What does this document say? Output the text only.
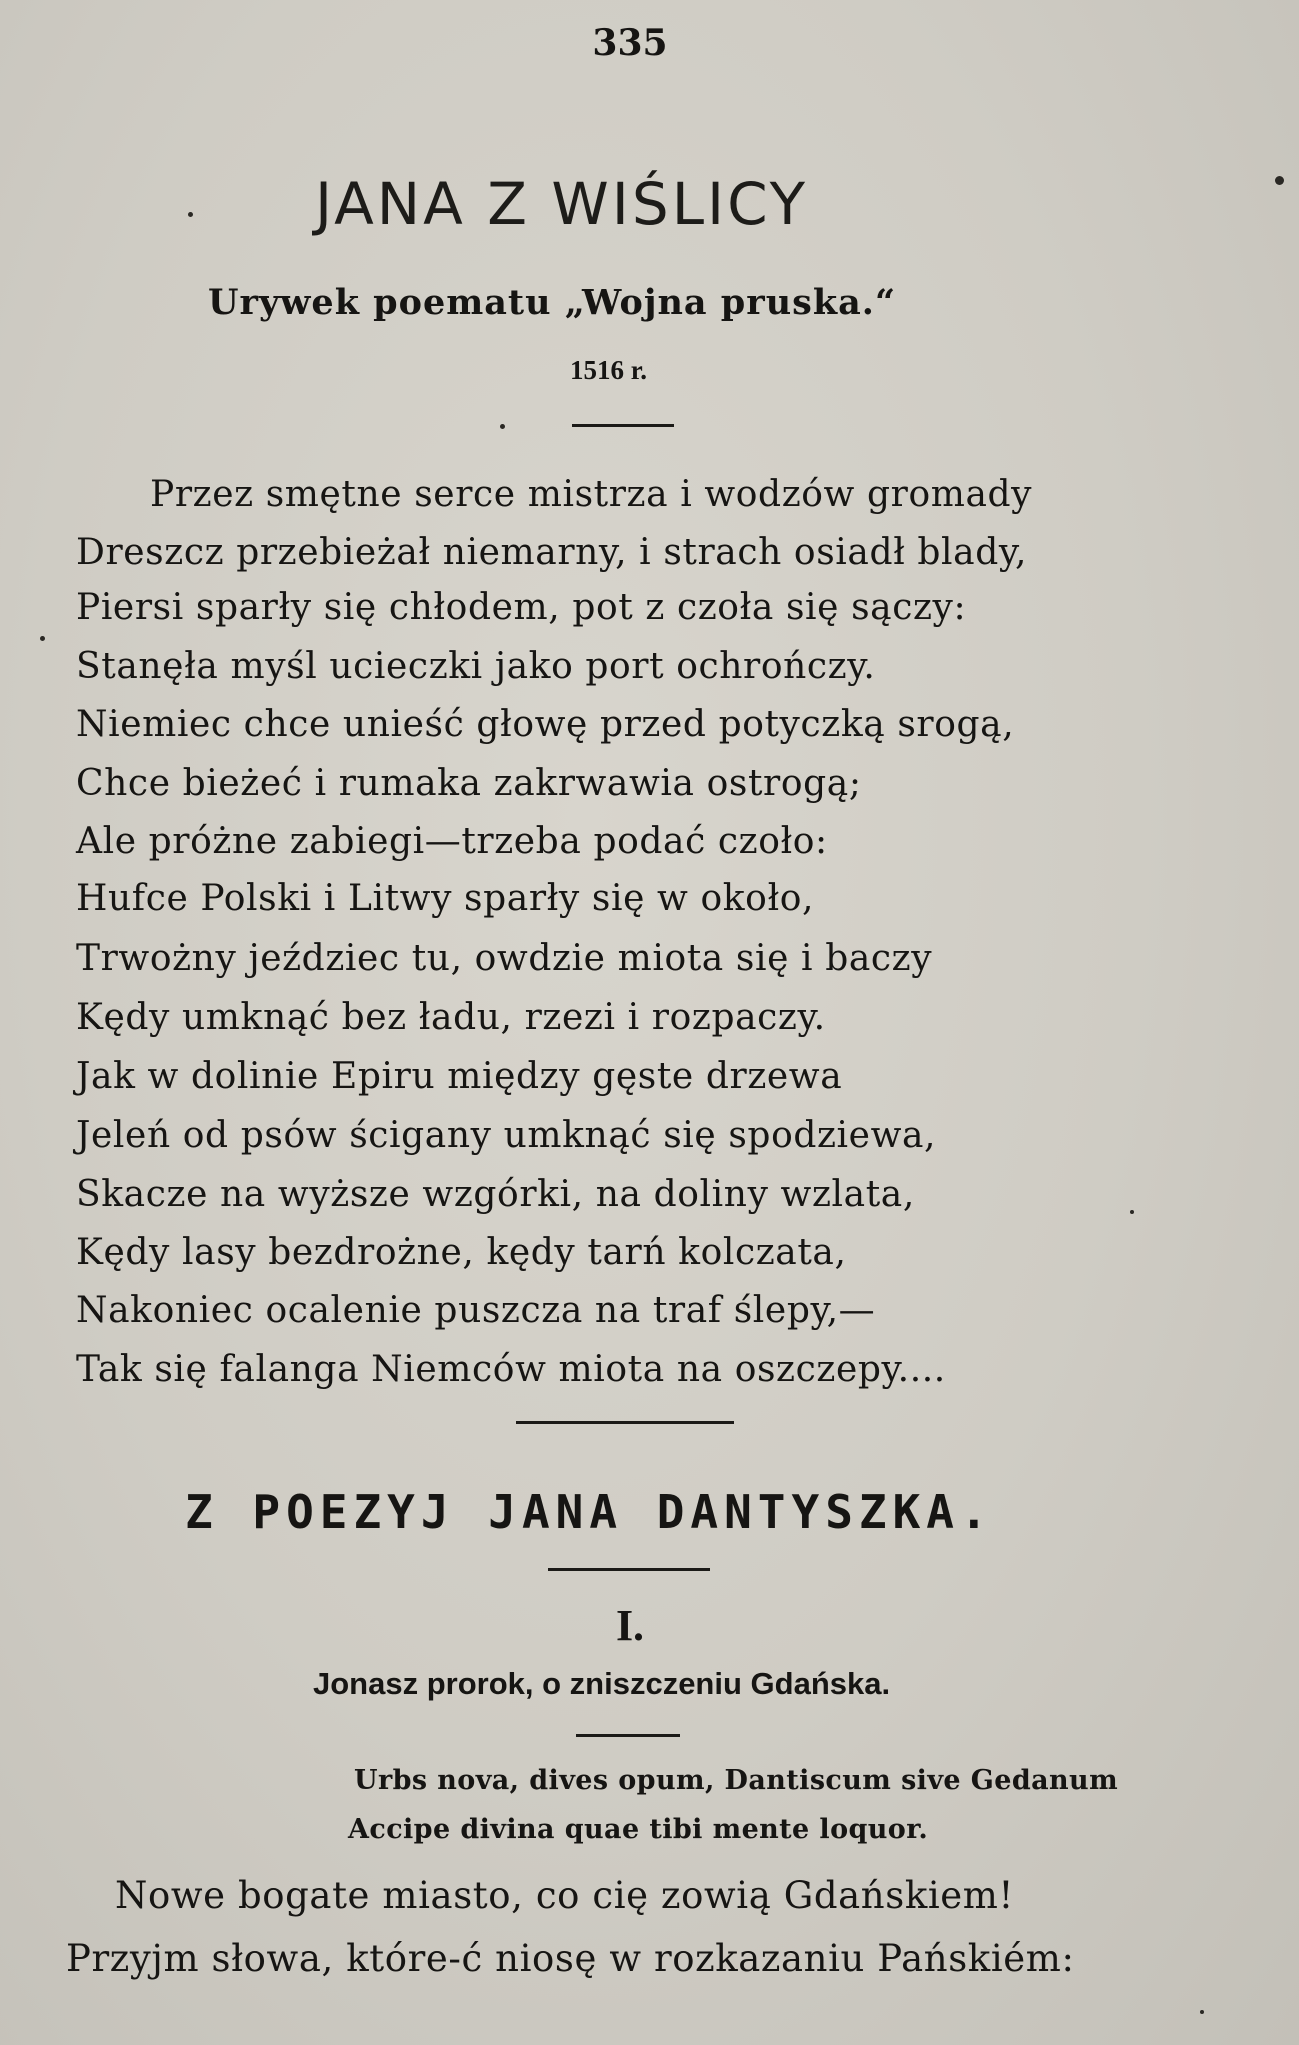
335
JANA Z WIŚLICY
Urywek poematu „Wojna pruska.“
1516 r.
Przez smętne serce mistrza i wodzów gromady
Dreszcz przebieżał niemarny, i strach osiadł blady,
Piersi sparły się chłodem, pot z czoła się sączy:
Stanęła myśl ucieczki jako port ochrończy.
Niemiec chce unieść głowę przed potyczką srogą,
Chce bieżeć i rumaka zakrwawia ostrogą;
Ale próżne zabiegi—trzeba podać czoło:
Hufce Polski i Litwy sparły się w około,
Trwożny jeździec tu, owdzie miota się i baczy
Kędy umknąć bez ładu, rzezi i rozpaczy.
Jak w dolinie Epiru między gęste drzewa
Jeleń od psów ścigany umknąć się spodziewa,
Skacze na wyższe wzgórki, na doliny wzlata,
Kędy lasy bezdrożne, kędy tarń kolczata,
Nakoniec ocalenie puszcza na traf ślepy,—
Tak się falanga Niemców miota na oszczepy....
Z POEZYJ JANA DANTYSZKA.
I.
Jonasz prorok, o zniszczeniu Gdańska.
Urbs nova, dives opum, Dantiscum sive Gedanum
Accipe divina quae tibi mente loquor.
Nowe bogate miasto, co cię zowią Gdańskiem!
Przyjm słowa, które-ć niosę w rozkazaniu Pańskiém:
